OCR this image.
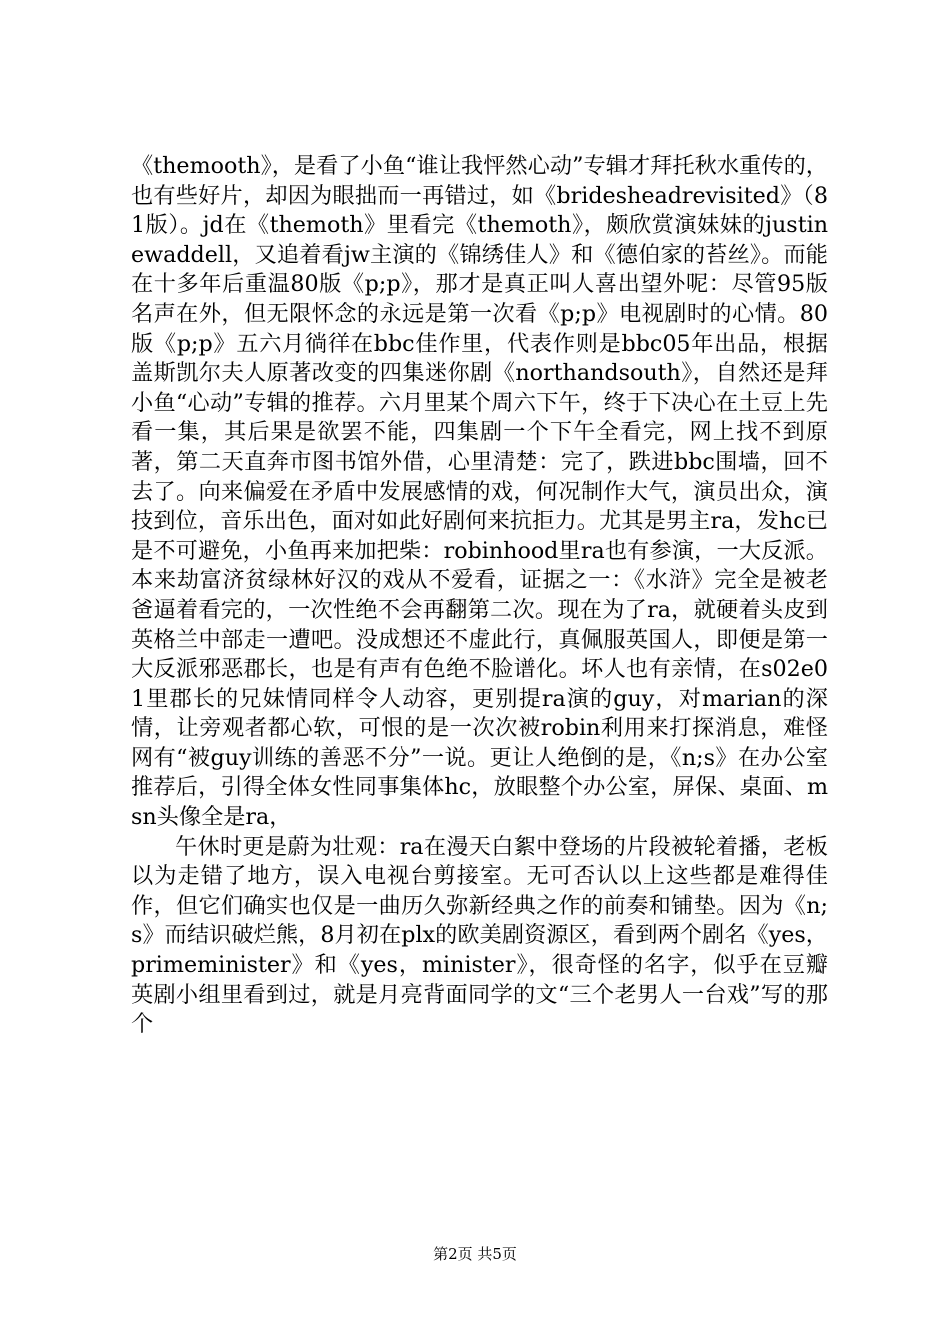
《themooth》，是看了小鱼“谁让我怦然心动”专辑才拜托秋水重传的，也有些好片，却因为眼拙而一再错过，如《bridesheadrevisited》（81版）。jd在《themoth》里看完《themoth》，颇欣赏演妹妹的justinewaddell，又追着看jw主演的《锦绣佳人》和《德伯家的苔丝》。而能在十多年后重温80版《p;p》，那才是真正叫人喜出望外呢：尽管95版名声在外，但无限怀念的永远是第一次看《p;p》电视剧时的心情。80版《p;p》五六月徜徉在bbc佳作里，代表作则是bbc05年出品，根据盖斯凯尔夫人原著改变的四集迷你剧《northandsouth》，自然还是拜小鱼“心动”专辑的推荐。六月里某个周六下午，终于下决心在土豆上先看一集，其后果是欲罢不能，四集剧一个下午全看完，网上找不到原著，第二天直奔市图书馆外借，心里清楚：完了，跌进bbc围墙，回不去了。向来偏爱在矛盾中发展感情的戏，何况制作大气，演员出众，演技到位，音乐出色，面对如此好剧何来抗拒力。尤其是男主ra，发hc已是不可避免，小鱼再来加把柴：robinhood里ra也有参演，一大反派。本来劫富济贫绿林好汉的戏从不爱看，证据之一：《水浒》完全是被老爸逼着看完的，一次性绝不会再翻第二次。现在为了ra，就硬着头皮到英格兰中部走一遭吧。没成想还不虚此行，真佩服英国人，即便是第一大反派邪恶郡长，也是有声有色绝不脸谱化。坏人也有亲情，在s02e01里郡长的兄妹情同样令人动容，更别提ra演的guy，对marian的深情，让旁观者都心软，可恨的是一次次被robin利用来打探消息，难怪网有“被guy训练的善恶不分”一说。更让人绝倒的是，《n;s》在办公室推荐后，引得全体女性同事集体hc，放眼整个办公室，屏保、桌面、msn头像全是ra，

午休时更是蔚为壮观：ra在漫天白絮中登场的片段被轮着播，老板以为走错了地方，误入电视台剪接室。无可否认以上这些都是难得佳作，但它们确实也仅是一曲历久弥新经典之作的前奏和铺垫。因为《n;s》而结识破烂熊，8月初在plx的欧美剧资源区，看到两个剧名《yes，primeminister》和《yes，minister》，很奇怪的名字，似乎在豆瓣英剧小组里看到过，就是月亮背面同学的文“三个老男人一台戏”写的那个

第2页 共5页
